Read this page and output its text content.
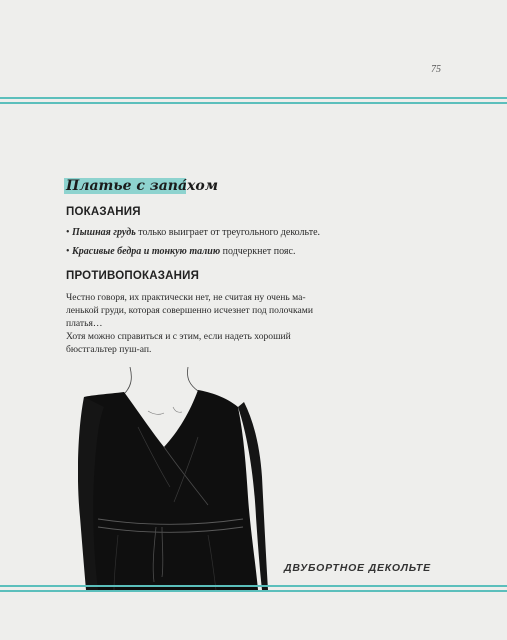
75
Платье с запа́хом
ПОКАЗАНИЯ
• Пышная грудь только выиграет от треугольного декольте.
• Красивые бедра и тонкую талию подчеркнет пояс.
ПРОТИВОПОКАЗАНИЯ
Честно говоря, их практически нет, не считая ну очень ма-
ленькой груди, которая совершенно исчезнет под полочками
платья…
Хотя можно справиться и с этим, если надеть хороший
бюстгальтер пуш-ап.
ДВУБОРТНОЕ ДЕКОЛЬТЕ
